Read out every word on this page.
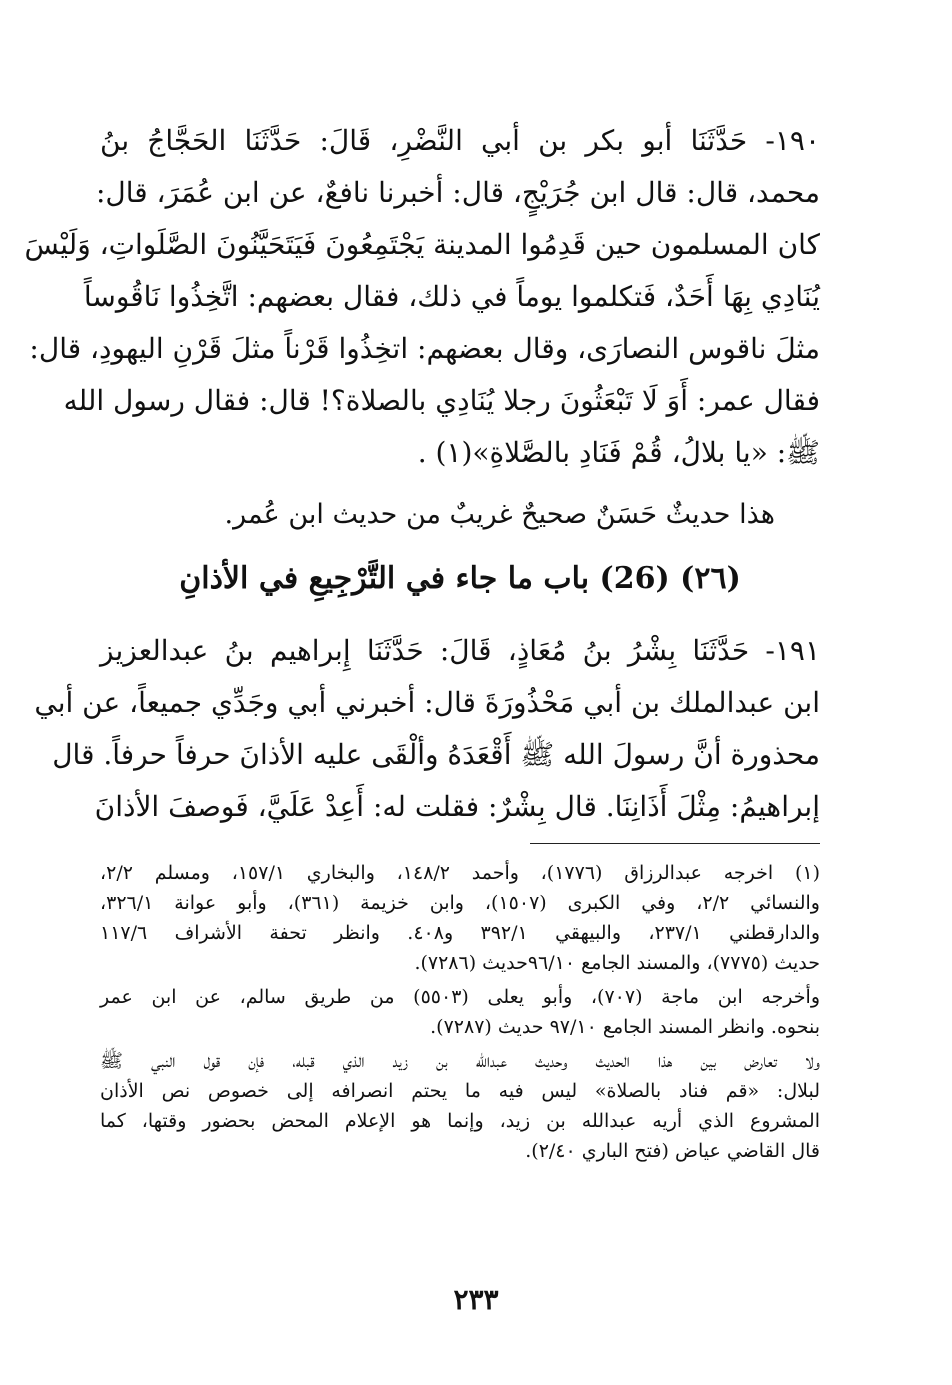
١٩٠- حَدَّثَنَا أبو بكر بن أبي النَّضْرِ، قَالَ: حَدَّثَنَا الحَجَّاجُ بنُ
محمد، قال: قال ابن جُرَيْجٍ، قال: أخبرنا نافعٌ، عن ابن عُمَرَ، قال:
كان المسلمون حين قَدِمُوا المدينة يَجْتَمِعُونَ فَيَتَحَيَّنُونَ الصَّلَواتِ، وَلَيْسَ
يُنَادِي بِهَا أَحَدٌ، فَتكلموا يوماً في ذلك، فقال بعضهم: اتَّخِذُوا نَاقُوساً
مثلَ ناقوس النصارَى، وقال بعضهم: اتخِذُوا قَرْناً مثلَ قَرْنِ اليهودِ، قال:
فقال عمر: أَوَ لَا تَبْعَثُونَ رجلا يُنَادِي بالصلاة؟! قال: فقال رسول الله
ﷺ: «يا بلالُ، قُمْ فَنَادِ بالصَّلاةِ»(١) .
هذا حديثٌ حَسَنٌ صحيحٌ غريبٌ من حديث ابن عُمر.
(٢٦) (26) باب ما جاء في التَّرْجِيعِ في الأذانِ
١٩١- حَدَّثَنَا بِشْرُ بنُ مُعَاذٍ، قَالَ: حَدَّثَنَا إِبراهيم بنُ عبدالعزيز
ابن عبدالملك بن أبي مَحْذُورَةَ قال: أخبرني أبي وجَدِّي جميعاً، عن أبي
محذورة أنَّ رسولَ الله ﷺ أَقْعَدَهُ وألْقَى عليه الأذانَ حرفاً حرفاً. قال
إبراهيمُ: مِثْلَ أَذَانِنَا. قال بِشْرٌ: فقلت له: أَعِدْ عَلَيَّ، فَوصفَ الأذانَ
(١) اخرجه عبدالرزاق (١٧٧٦)، وأحمد ١٤٨/٢، والبخاري ١٥٧/١، ومسلم ٢/٢،
والنسائي ٢/٢، وفي الكبرى (١٥٠٧)، وابن خزيمة (٣٦١)، وأبو عوانة ٣٢٦/١،
والدارقطني ٢٣٧/١، والبيهقي ٣٩٢/١ و٤٠٨. وانظر تحفة الأشراف ١١٧/٦
حديث (٧٧٧٥)، والمسند الجامع ٩٦/١٠حديث (٧٢٨٦).
وأخرجه ابن ماجة (٧٠٧)، وأبو يعلى (٥٥٠٣) من طريق سالم، عن ابن عمر
بنحوه. وانظر المسند الجامع ٩٧/١٠ حديث (٧٢٨٧).
ولا تعارض بين هذا الحديث وحديث عبدالله بن زيد الذي قبله، فإن قول النبي ﷺ
لبلال: «قم فناد بالصلاة» ليس فيه ما يحتم انصرافه إلى خصوص نص الأذان
المشروع الذي أريه عبدالله بن زيد، وإنما هو الإعلام المحض بحضور وقتها، كما
قال القاضي عياض (فتح الباري ٢/٤٠).
٢٣٣
